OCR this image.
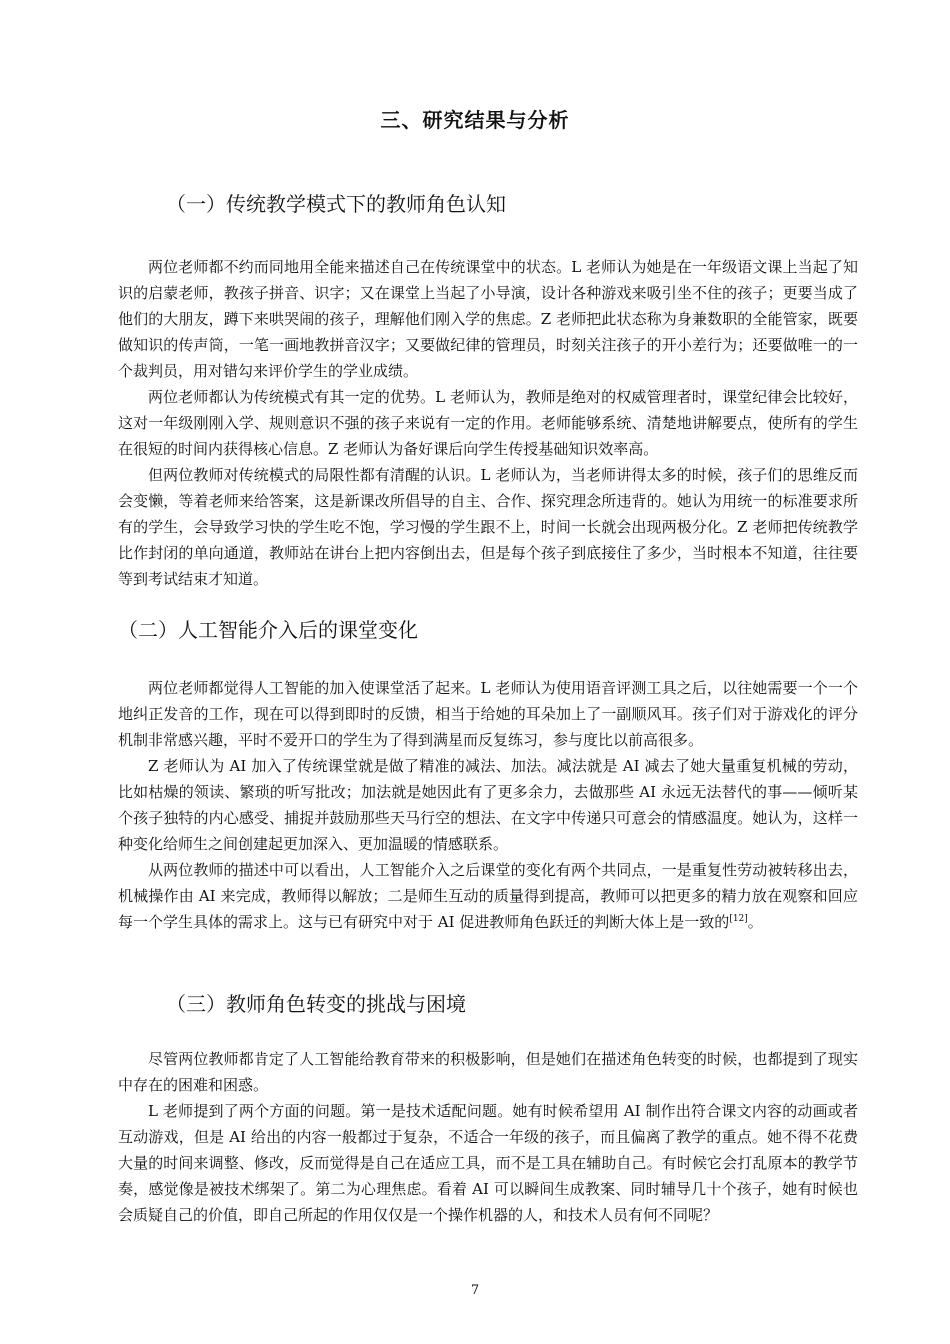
三、研究结果与分析
（一）传统教学模式下的教师角色认知

两位老师都不约而同地用全能来描述自己在传统课堂中的状态。L 老师认为她是在一年级语文课上当起了知识的启蒙老师，教孩子拼音、识字；又在课堂上当起了小导演，设计各种游戏来吸引坐不住的孩子；更要当成了他们的大朋友，蹲下来哄哭闹的孩子，理解他们刚入学的焦虑。Z 老师把此状态称为身兼数职的全能管家，既要做知识的传声筒，一笔一画地教拼音汉字；又要做纪律的管理员，时刻关注孩子的开小差行为；还要做唯一的一个裁判员，用对错勾来评价学生的学业成绩。

两位老师都认为传统模式有其一定的优势。L 老师认为，教师是绝对的权威管理者时，课堂纪律会比较好，这对一年级刚刚入学、规则意识不强的孩子来说有一定的作用。老师能够系统、清楚地讲解要点，使所有的学生在很短的时间内获得核心信息。Z 老师认为备好课后向学生传授基础知识效率高。

但两位教师对传统模式的局限性都有清醒的认识。L 老师认为，当老师讲得太多的时候，孩子们的思维反而会变懒，等着老师来给答案，这是新课改所倡导的自主、合作、探究理念所违背的。她认为用统一的标准要求所有的学生，会导致学习快的学生吃不饱，学习慢的学生跟不上，时间一长就会出现两极分化。Z 老师把传统教学比作封闭的单向通道，教师站在讲台上把内容倒出去，但是每个孩子到底接住了多少，当时根本不知道，往往要等到考试结束才知道。

（二）人工智能介入后的课堂变化

两位老师都觉得人工智能的加入使课堂活了起来。L 老师认为使用语音评测工具之后，以往她需要一个一个地纠正发音的工作，现在可以得到即时的反馈，相当于给她的耳朵加上了一副顺风耳。孩子们对于游戏化的评分机制非常感兴趣，平时不爱开口的学生为了得到满星而反复练习，参与度比以前高很多。

Z 老师认为 AI 加入了传统课堂就是做了精准的减法、加法。减法就是 AI 减去了她大量重复机械的劳动，比如枯燥的领读、繁琐的听写批改；加法就是她因此有了更多余力，去做那些 AI 永远无法替代的事——倾听某个孩子独特的内心感受、捕捉并鼓励那些天马行空的想法、在文字中传递只可意会的情感温度。她认为，这样一种变化给师生之间创建起更加深入、更加温暖的情感联系。

从两位教师的描述中可以看出，人工智能介入之后课堂的变化有两个共同点，一是重复性劳动被转移出去，机械操作由 AI 来完成，教师得以解放；二是师生互动的质量得到提高，教师可以把更多的精力放在观察和回应每一个学生具体的需求上。这与已有研究中对于 AI 促进教师角色跃迁的判断大体上是一致的[12]。

（三）教师角色转变的挑战与困境

尽管两位教师都肯定了人工智能给教育带来的积极影响，但是她们在描述角色转变的时候，也都提到了现实中存在的困难和困惑。

L 老师提到了两个方面的问题。第一是技术适配问题。她有时候希望用 AI 制作出符合课文内容的动画或者互动游戏，但是 AI 给出的内容一般都过于复杂，不适合一年级的孩子，而且偏离了教学的重点。她不得不花费大量的时间来调整、修改，反而觉得是自己在适应工具，而不是工具在辅助自己。有时候它会打乱原本的教学节奏，感觉像是被技术绑架了。第二为心理焦虑。看着 AI 可以瞬间生成教案、同时辅导几十个孩子，她有时候也会质疑自己的价值，即自己所起的作用仅仅是一个操作机器的人，和技术人员有何不同呢？

7
